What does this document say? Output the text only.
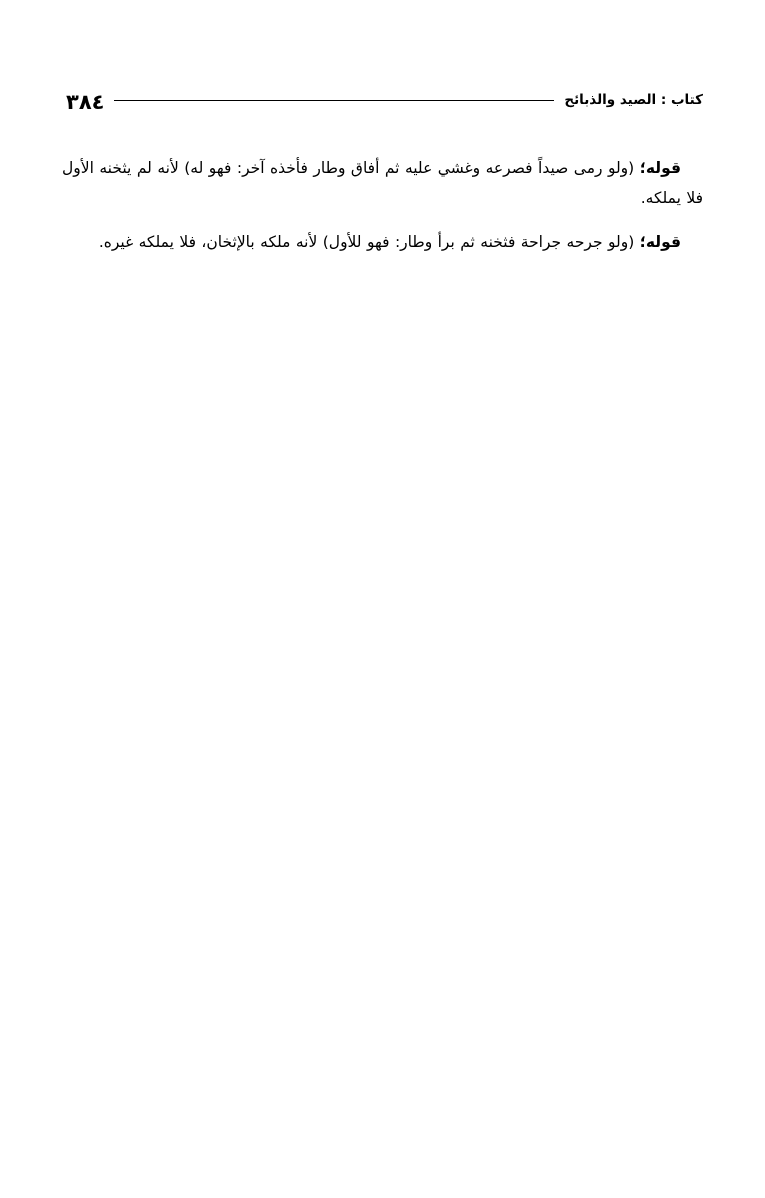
كتاب : الصيد والذبائح
٣٨٤

قوله؛ (ولو رمى صيداً فصرعه وغشي عليه ثم أفاق وطار فأخذه آخر: فهو له) لأنه لم يثخنه الأول فلا يملكه.

قوله؛ (ولو جرحه جراحة فثخنه ثم برأ وطار: فهو للأول) لأنه ملكه بالإثخان، فلا يملكه غيره.
